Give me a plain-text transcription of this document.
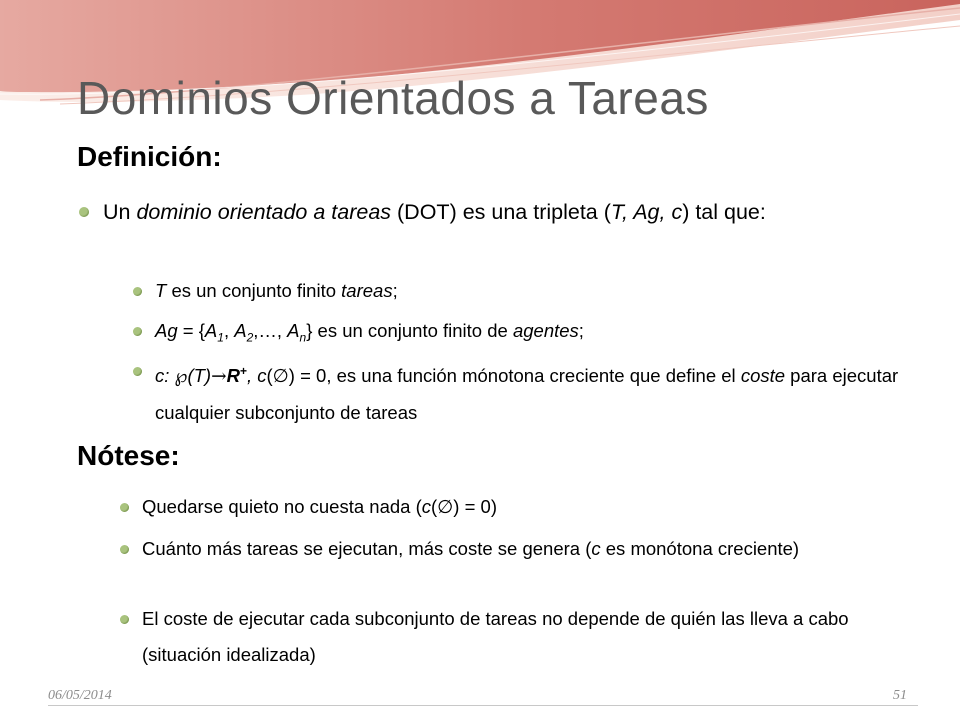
Dominios Orientados a Tareas
Definición:
Un dominio orientado a tareas (DOT) es una tripleta (T, Ag, c) tal que:
T es un conjunto finito tareas;
$Ag = \{A_1$, $A_2,\dots$, $A_n$} es un conjunto finito de agentes;
c: ℘(T)→R+, c(∅) = 0, es una función mónotona creciente que define el coste para ejecutar cualquier subconjunto de tareas
Nótese:
Quedarse quieto no cuesta nada (c(∅) = 0)
Cuánto más tareas se ejecutan, más coste se genera (c es monótona creciente)
El coste de ejecutar cada subconjunto de tareas no depende de quién las lleva a cabo (situación idealizada)
06/05/2014	51
